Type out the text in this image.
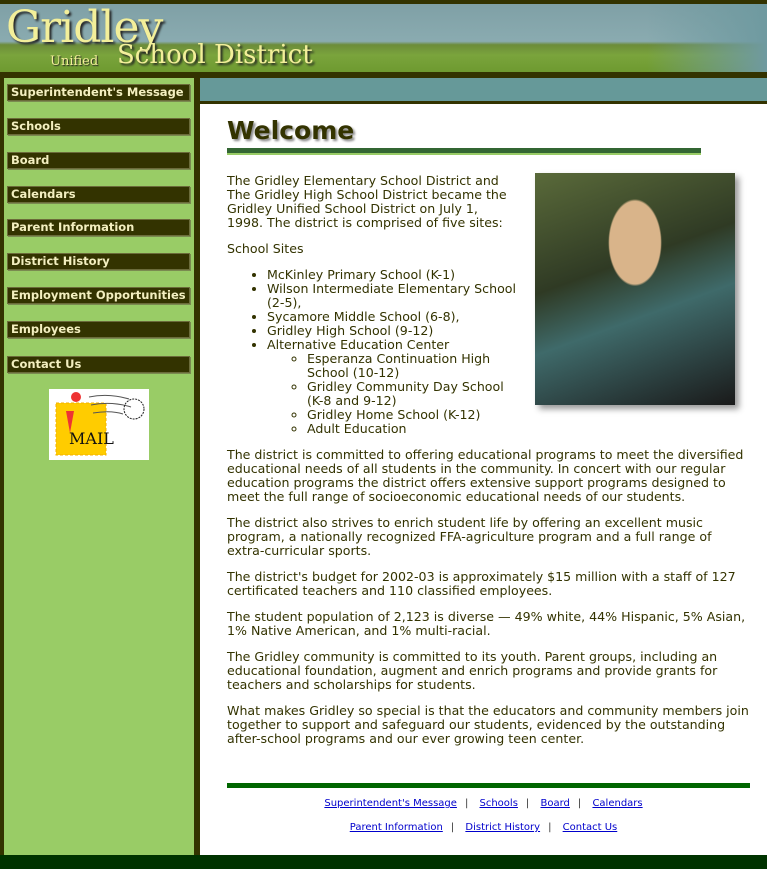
Gridley
Unified School District
Superintendent's Message
Schools
Board
Calendars
Parent Information
District History
Employment Opportunities
Employees
Contact Us
MAIL
Welcome
The Gridley Elementary School District and The Gridley High School District became the Gridley Unified School District on July 1, 1998. The district is comprised of five sites:
School Sites
• McKinley Primary School (K-1)
• Wilson Intermediate Elementary School (2-5),
• Sycamore Middle School (6-8),
• Gridley High School (9-12)
• Alternative Education Center
◦ Esperanza Continuation High School (10-12)
◦ Gridley Community Day School (K-8 and 9-12)
◦ Gridley Home School (K-12)
◦ Adult Education
The district is committed to offering educational programs to meet the diversified educational needs of all students in the community. In concert with our regular education programs the district offers extensive support programs designed to meet the full range of socioeconomic educational needs of our students.
The district also strives to enrich student life by offering an excellent music program, a nationally recognized FFA-agriculture program and a full range of extra-curricular sports.
The district's budget for 2002-03 is approximately $15 million with a staff of 127 certificated teachers and 110 classified employees.
The student population of 2,123 is diverse — 49% white, 44% Hispanic, 5% Asian, 1% Native American, and 1% multi-racial.
The Gridley community is committed to its youth. Parent groups, including an educational foundation, augment and enrich programs and provide grants for teachers and scholarships for students.
What makes Gridley so special is that the educators and community members join together to support and safeguard our students, evidenced by the outstanding after-school programs and our ever growing teen center.
Superintendent's Message | Schools | Board | Calendars
Parent Information | District History | Contact Us
